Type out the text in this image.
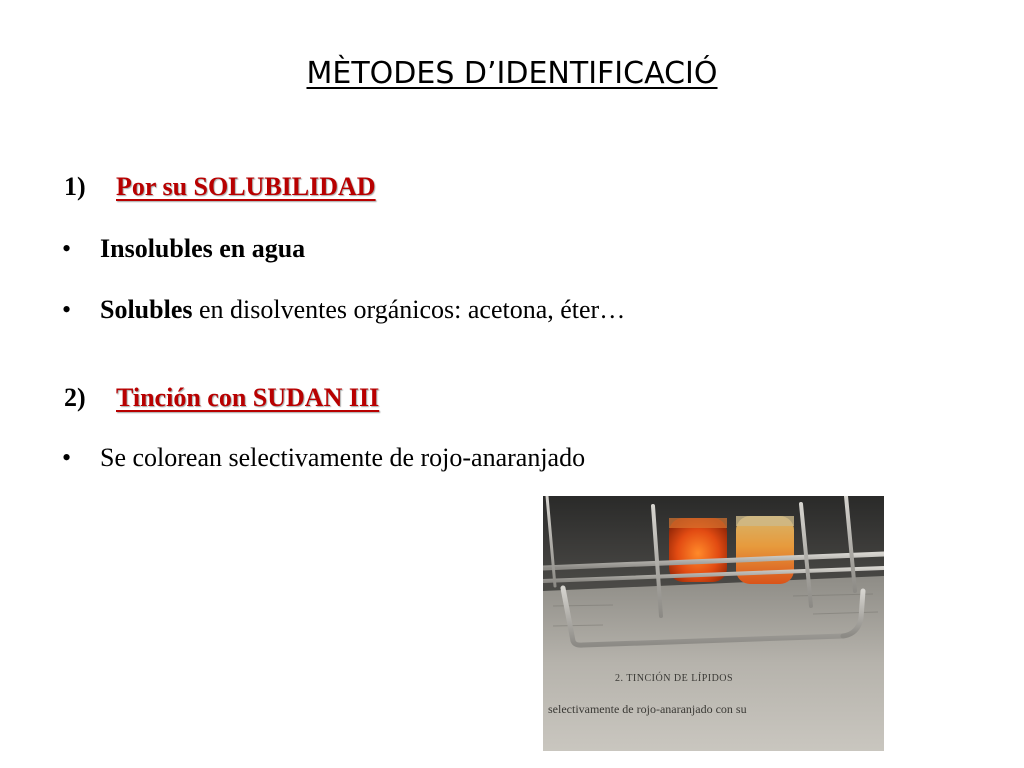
MÈTODES D’IDENTIFICACIÓ
1) Por su SOLUBILIDAD
• Insolubles en agua
• Solubles en disolventes orgánicos: acetona, éter…
2) Tinción con SUDAN III
• Se colorean selectivamente de rojo-anaranjado
2. TINCIÓN DE LÍPIDOS
selectivamente de rojo-anaranjado con su
